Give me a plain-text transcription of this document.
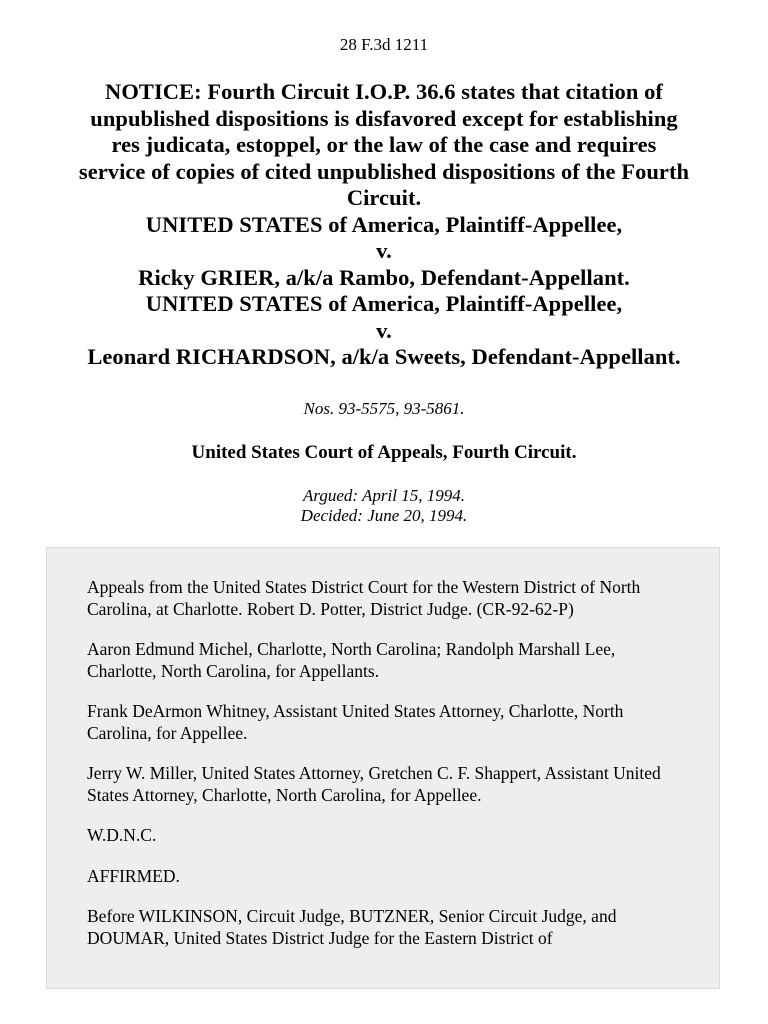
28 F.3d 1211
NOTICE: Fourth Circuit I.O.P. 36.6 states that citation of
unpublished dispositions is disfavored except for establishing
res judicata, estoppel, or the law of the case and requires
service of copies of cited unpublished dispositions of the Fourth
Circuit.
UNITED STATES of America, Plaintiff-Appellee,
v.
Ricky GRIER, a/k/a Rambo, Defendant-Appellant.
UNITED STATES of America, Plaintiff-Appellee,
v.
Leonard RICHARDSON, a/k/a Sweets, Defendant-Appellant.
Nos. 93-5575, 93-5861.
United States Court of Appeals, Fourth Circuit.
Argued: April 15, 1994.
Decided: June 20, 1994.

Appeals from the United States District Court for the Western District of North Carolina, at Charlotte. Robert D. Potter, District Judge. (CR-92-62-P)

Aaron Edmund Michel, Charlotte, North Carolina; Randolph Marshall Lee, Charlotte, North Carolina, for Appellants.

Frank DeArmon Whitney, Assistant United States Attorney, Charlotte, North Carolina, for Appellee.

Jerry W. Miller, United States Attorney, Gretchen C. F. Shappert, Assistant United States Attorney, Charlotte, North Carolina, for Appellee.

W.D.N.C.

AFFIRMED.

Before WILKINSON, Circuit Judge, BUTZNER, Senior Circuit Judge, and DOUMAR, United States District Judge for the Eastern District of
